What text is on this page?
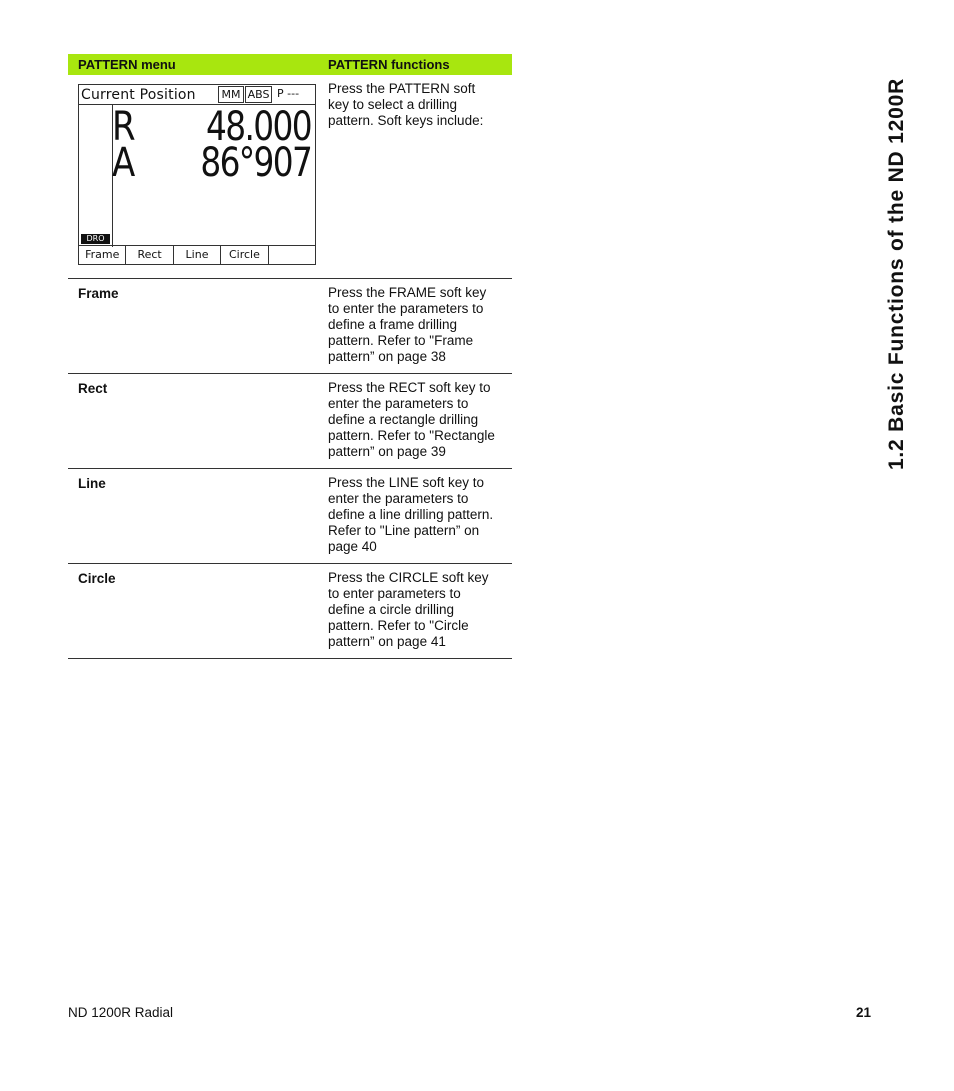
PATTERN menu	PATTERN functions
Current Position	MM ABS P ---
R 48.000
A 86°907
DRO
Frame	Rect	Line	Circle
Press the PATTERN soft
key to select a drilling
pattern. Soft keys include:
Frame	Press the FRAME soft key
to enter the parameters to
define a frame drilling
pattern. Refer to "Frame
pattern” on page 38
Rect	Press the RECT soft key to
enter the parameters to
define a rectangle drilling
pattern. Refer to "Rectangle
pattern” on page 39
Line	Press the LINE soft key to
enter the parameters to
define a line drilling pattern.
Refer to "Line pattern” on
page 40
Circle	Press the CIRCLE soft key
to enter parameters to
define a circle drilling
pattern. Refer to "Circle
pattern” on page 41
1.2 Basic Functions of the ND 1200R
ND 1200R Radial	21
